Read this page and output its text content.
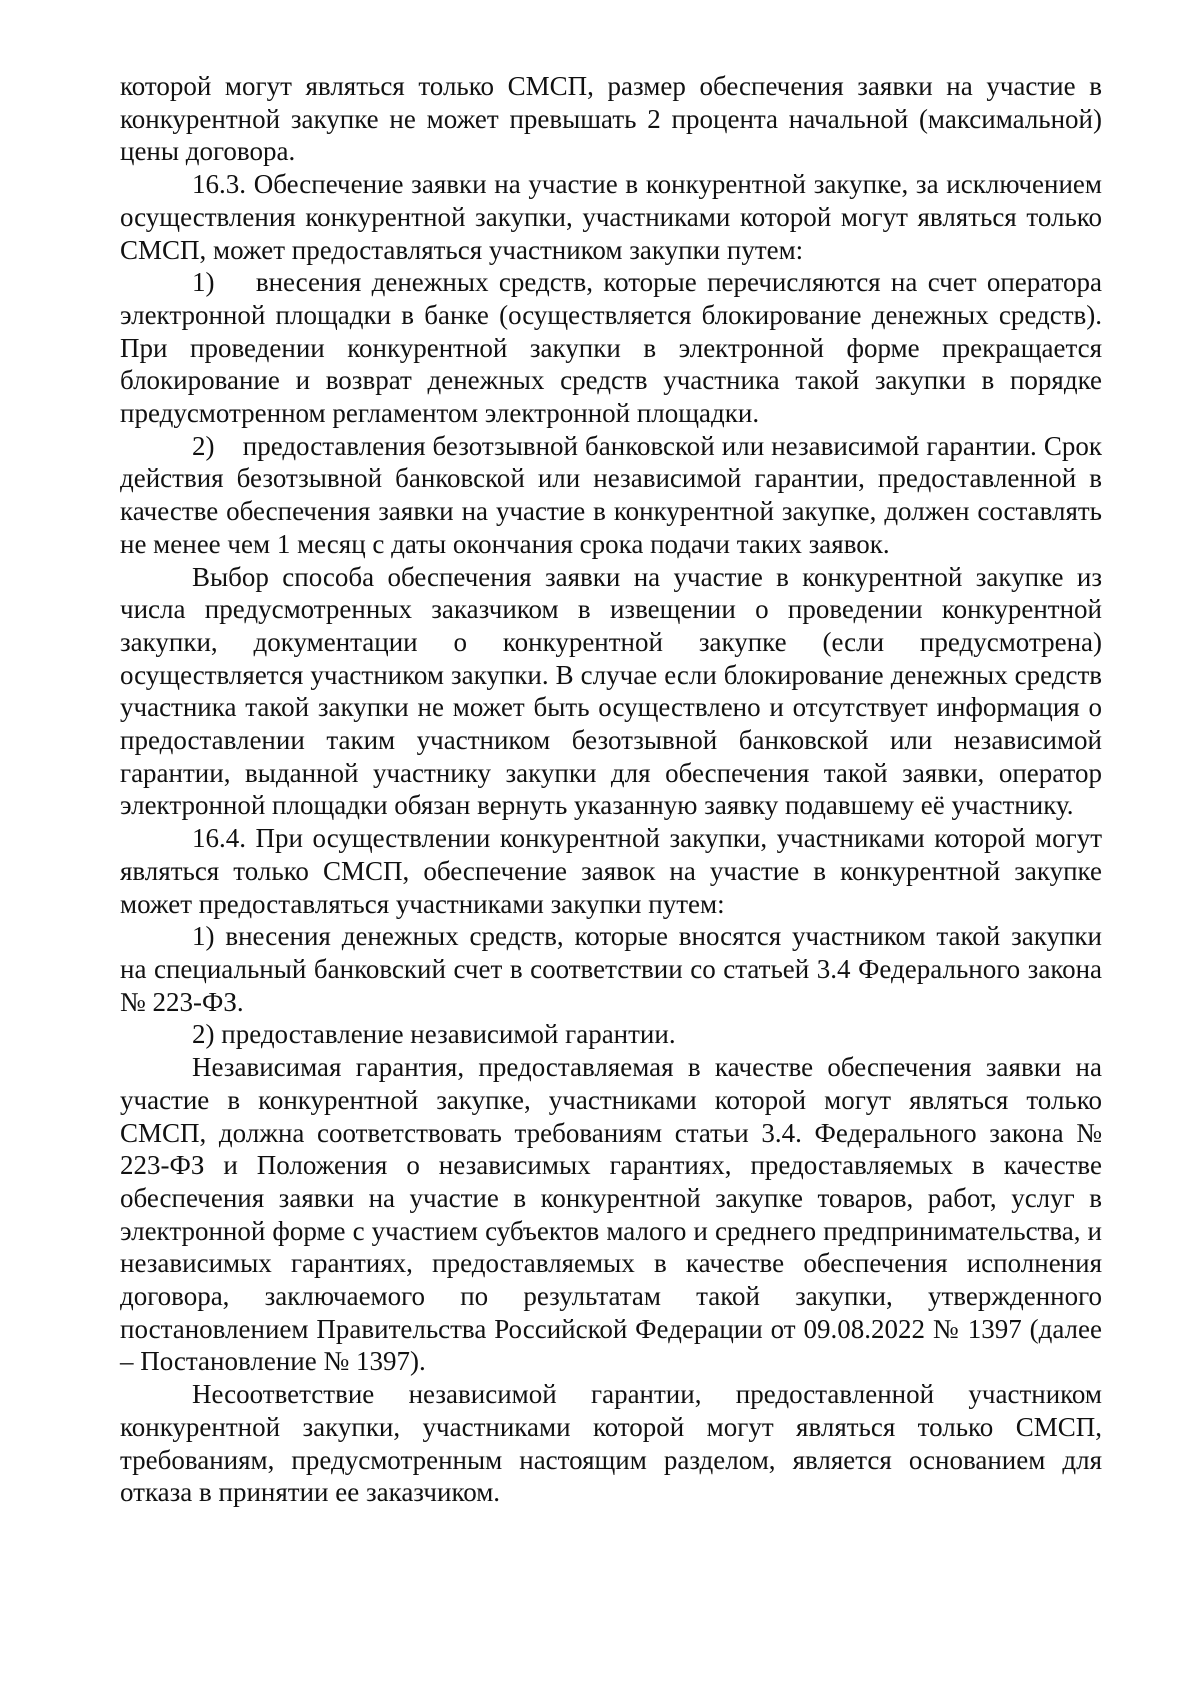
которой могут являться только СМСП, размер обеспечения заявки на участие в конкурентной закупке не может превышать 2 процента начальной (максимальной) цены договора.

16.3. Обеспечение заявки на участие в конкурентной закупке, за исключением осуществления конкурентной закупки, участниками которой могут являться только СМСП, может предоставляться участником закупки путем:

1)    внесения денежных средств, которые перечисляются на счет оператора электронной площадки в банке (осуществляется блокирование денежных средств). При проведении конкурентной закупки в электронной форме прекращается блокирование и возврат денежных средств участника такой закупки в порядке предусмотренном регламентом электронной площадки.

2)    предоставления безотзывной банковской или независимой гарантии. Срок действия безотзывной банковской или независимой гарантии, предоставленной в качестве обеспечения заявки на участие в конкурентной закупке, должен составлять не менее чем 1 месяц с даты окончания срока подачи таких заявок.

Выбор способа обеспечения заявки на участие в конкурентной закупке из числа предусмотренных заказчиком в извещении о проведении конкурентной закупки, документации о конкурентной закупке (если предусмотрена) осуществляется участником закупки. В случае если блокирование денежных средств участника такой закупки не может быть осуществлено и отсутствует информация о предоставлении таким участником безотзывной банковской или независимой гарантии, выданной участнику закупки для обеспечения такой заявки, оператор электронной площадки обязан вернуть указанную заявку подавшему её участнику.

16.4. При осуществлении конкурентной закупки, участниками которой могут являться только СМСП, обеспечение заявок на участие в конкурентной закупке может предоставляться участниками закупки путем:

1) внесения денежных средств, которые вносятся участником такой закупки на специальный банковский счет в соответствии со статьей 3.4 Федерального закона № 223-ФЗ.

2) предоставление независимой гарантии.

Независимая гарантия, предоставляемая в качестве обеспечения заявки на участие в конкурентной закупке, участниками которой могут являться только СМСП, должна соответствовать требованиям статьи 3.4. Федерального закона № 223-ФЗ и Положения о независимых гарантиях, предоставляемых в качестве обеспечения заявки на участие в конкурентной закупке товаров, работ, услуг в электронной форме с участием субъектов малого и среднего предпринимательства, и независимых гарантиях, предоставляемых в качестве обеспечения исполнения договора, заключаемого по результатам такой закупки, утвержденного постановлением Правительства Российской Федерации от 09.08.2022 № 1397 (далее – Постановление № 1397).

Несоответствие независимой гарантии, предоставленной участником конкурентной закупки, участниками которой могут являться только СМСП, требованиям, предусмотренным настоящим разделом, является основанием для отказа в принятии ее заказчиком.
